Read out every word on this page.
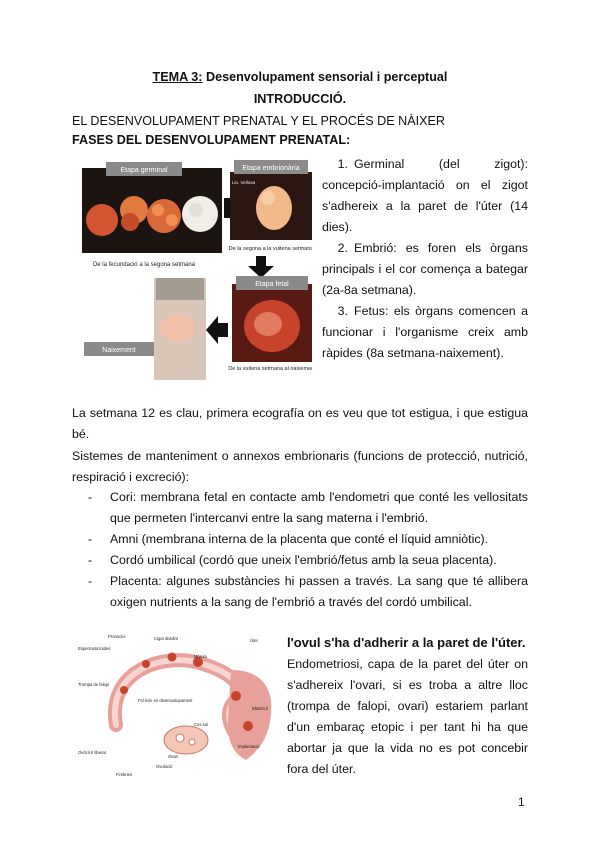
TEMA 3: Desenvolupament sensorial i perceptual
INTRODUCCIÓ.
EL DESENVOLUPAMENT PRENATAL Y EL PROCÉS DE NÀIXER
FASES DEL DESENVOLUPAMENT PRENATAL:
Etapa germinal
De la fecundació a la segona setmana
Etapa embrionària
Lin. Vellosa
De la segona a la vuitena setmana
Etapa fetal
De la vuitena setmana al naixement
Naixement

1. Germinal (del zigot): concepció-implantació on el zigot s'adhereix a la paret de l'úter (14 dies).

2. Embrió: es foren els òrgans principals i el cor comença a bategar (2a-8a setmana).

3. Fetus: els òrgans comencen a funcionar i l'organisme creix amb ràpides (8a setmana-naixement).

La setmana 12 es clau, primera ecografía on es veu que tot estigua, i que estigua bé.
Sistemes de manteniment o annexos embrionaris (funcions de protecció, nutrició, respiració i excreció):
- Cori: membrana fetal en contacte amb l'endometri que conté les vellositats que permeten l'intercanvi entre la sang materna i l'embrió.
- Amni (membrana interna de la placenta que conté el líquid amniòtic).
- Cordó umbilical (cordó que uneix l'embrió/fetus amb la seua placenta).
- Placenta: algunes substàncies hi passen a través. La sang que té allibera oxigen nutrients a la sang de l'embrió a través del cordó umbilical.
Pronuclei
Espermatozoides
Cigot dividint
Mòrula
Úter
Trompa de falopi
Fol·licle en desenvolupament
Blastòcit
Cos luti
Ovari
Implantació
Ovòcit II liberat
Ovulació
Fimbries
l'ovul s'ha d'adherir a la paret de l'úter.
Endometriosi, capa de la paret del úter on s'adhereix l'ovari, si es troba a altre lloc (trompa de falopi, ovari) estariem parlant d'un embaraç etopic i per tant hi ha que abortar ja que la vida no es pot concebir fora del úter.
1
